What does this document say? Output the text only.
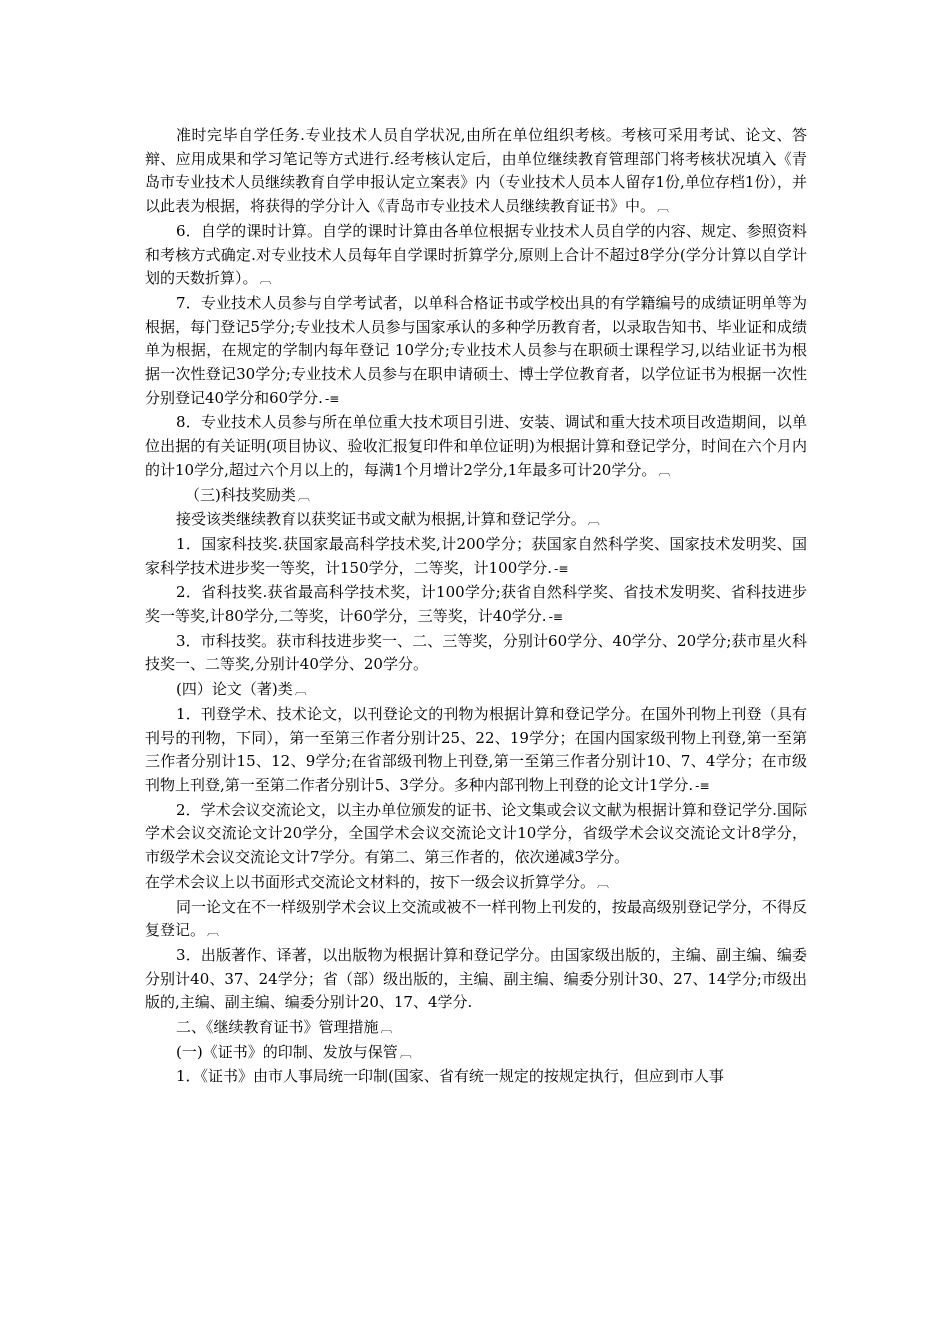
准时完毕自学任务.专业技术人员自学状况,由所在单位组织考核。考核可采用考试、论文、答辩、应用成果和学习笔记等方式进行.经考核认定后，由单位继续教育管理部门将考核状况填入《青岛市专业技术人员继续教育自学申报认定立案表》内（专业技术人员本人留存1份,单位存档1份），并以此表为根据，将获得的学分计入《青岛市专业技术人员继续教育证书》中。 ︹

6．自学的课时计算。自学的课时计算由各单位根据专业技术人员自学的内容、规定、参照资料和考核方式确定.对专业技术人员每年自学课时折算学分,原则上合计不超过8学分(学分计算以自学计划的天数折算）。 ︹

7．专业技术人员参与自学考试者，以单科合格证书或学校出具的有学籍编号的成绩证明单等为根据，每门登记5学分;专业技术人员参与国家承认的多种学历教育者，以录取告知书、毕业证和成绩单为根据，在规定的学制内每年登记 10学分;专业技术人员参与在职硕士课程学习,以结业证书为根据一次性登记30学分;专业技术人员参与在职申请硕士、博士学位教育者，以学位证书为根据一次性分别登记40学分和60学分. -≡

8．专业技术人员参与所在单位重大技术项目引进、安装、调试和重大技术项目改造期间，以单位出据的有关证明(项目协议、验收汇报复印件和单位证明)为根据计算和登记学分，时间在六个月内的计10学分,超过六个月以上的，每满1个月增计2学分,1年最多可计20学分。 ︹

（三)科技奖励类 ︹

接受该类继续教育以获奖证书或文献为根据,计算和登记学分。 ︹

1．国家科技奖.获国家最高科学技术奖,计200学分；获国家自然科学奖、国家技术发明奖、国家科学技术进步奖一等奖，计150学分，二等奖，计100学分. -≡

2．省科技奖.获省最高科学技术奖，计100学分;获省自然科学奖、省技术发明奖、省科技进步奖一等奖,计80学分,二等奖，计60学分，三等奖，计40学分. -≡

3．市科技奖。获市科技进步奖一、二、三等奖，分别计60学分、40学分、20学分;获市星火科技奖一、二等奖,分别计40学分、20学分。

(四）论文（著)类 ︹

1．刊登学术、技术论文，以刊登论文的刊物为根据计算和登记学分。在国外刊物上刊登（具有刊号的刊物，下同），第一至第三作者分别计25、22、19学分；在国内国家级刊物上刊登,第一至第三作者分别计15、12、9学分;在省部级刊物上刊登,第一至第三作者分别计10、7、4学分；在市级刊物上刊登,第一至第二作者分别计5、3学分。多种内部刊物上刊登的论文计1学分. -≡

2．学术会议交流论文，以主办单位颁发的证书、论文集或会议文献为根据计算和登记学分.国际学术会议交流论文计20学分，全国学术会议交流论文计10学分，省级学术会议交流论文计8学分，市级学术会议交流论文计7学分。有第二、第三作者的，依次递减3学分。

在学术会议上以书面形式交流论文材料的，按下一级会议折算学分。 ︹

同一论文在不一样级别学术会议上交流或被不一样刊物上刊发的，按最高级别登记学分，不得反复登记。 ︹

3．出版著作、译著，以出版物为根据计算和登记学分。由国家级出版的，主编、副主编、编委分别计40、37、24学分；省（部）级出版的，主编、副主编、编委分别计30、27、14学分;市级出版的,主编、副主编、编委分别计20、17、4学分.

二、《继续教育证书》管理措施 ︹

(一)《证书》的印制、发放与保管 ︹

1．《证书》由市人事局统一印制(国家、省有统一规定的按规定执行，但应到市人事
